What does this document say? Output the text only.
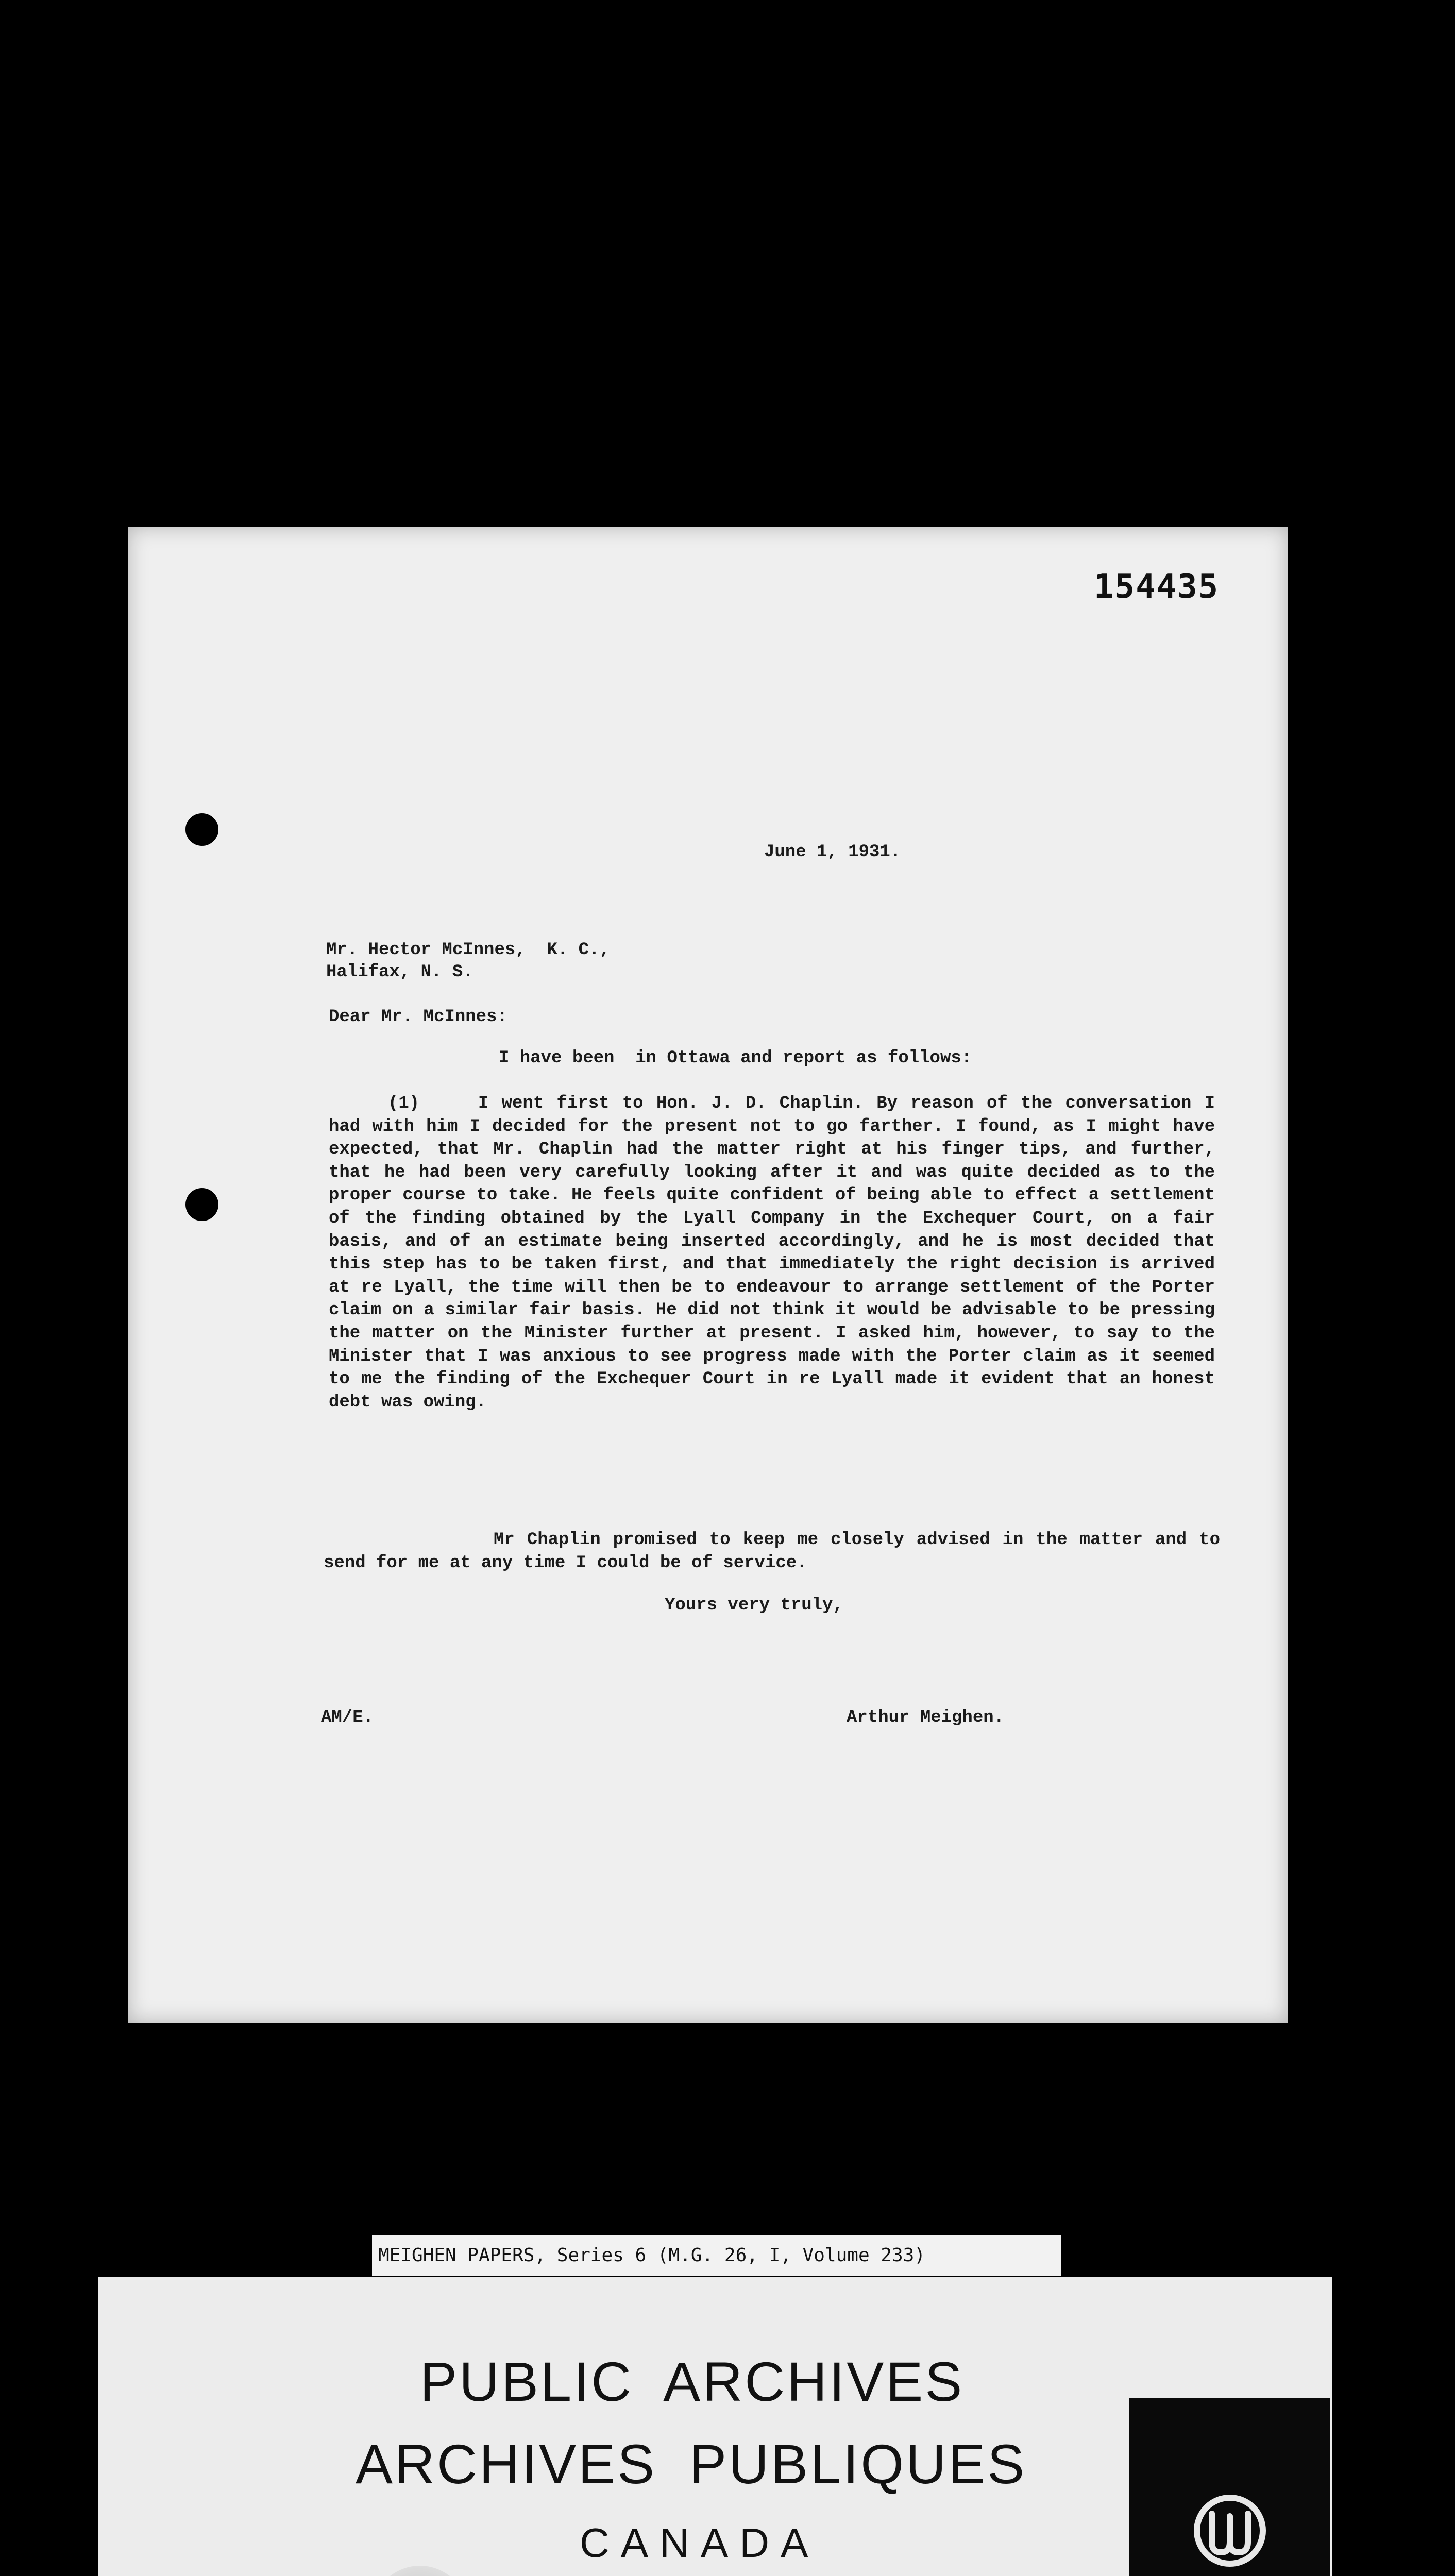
154435
June 1, 1931.
Mr. Hector McInnes,  K. C.,
Halifax, N. S.
Dear Mr. McInnes:
I have been  in Ottawa and report as follows:
(1)	I went first to Hon. J. D. Chaplin. By reason of the conversation I had with him I decided for the present not to go farther. I found, as I might have expected, that Mr. Chaplin had the matter right at his finger tips, and further, that he had been very carefully looking after it and was quite decided as to the proper course to take. He feels quite confident of being able to effect a settlement of the finding obtained by the Lyall Company in the Exchequer Court, on a fair basis, and of an estimate being inserted accordingly, and he is most decided that this step has to be taken first, and that immediately the right decision is arrived at re Lyall, the time will then be to endeavour to arrange settlement of the Porter claim on a similar fair basis. He did not think it would be advisable to be pressing the matter on the Minister further at present. I asked him, however, to say to the Minister that I was anxious to see progress made with the Porter claim as it seemed to me the finding of the Exchequer Court in re Lyall made it evident that an honest debt was owing.
Mr Chaplin promised to keep me closely advised in the matter and to send for me at any time I could be of service.
Yours very truly,
AM/E.	Arthur Meighen.
MEIGHEN PAPERS, Series 6 (M.G. 26, I, Volume 233)
PUBLIC ARCHIVES
ARCHIVES PUBLIQUES
CANADA
